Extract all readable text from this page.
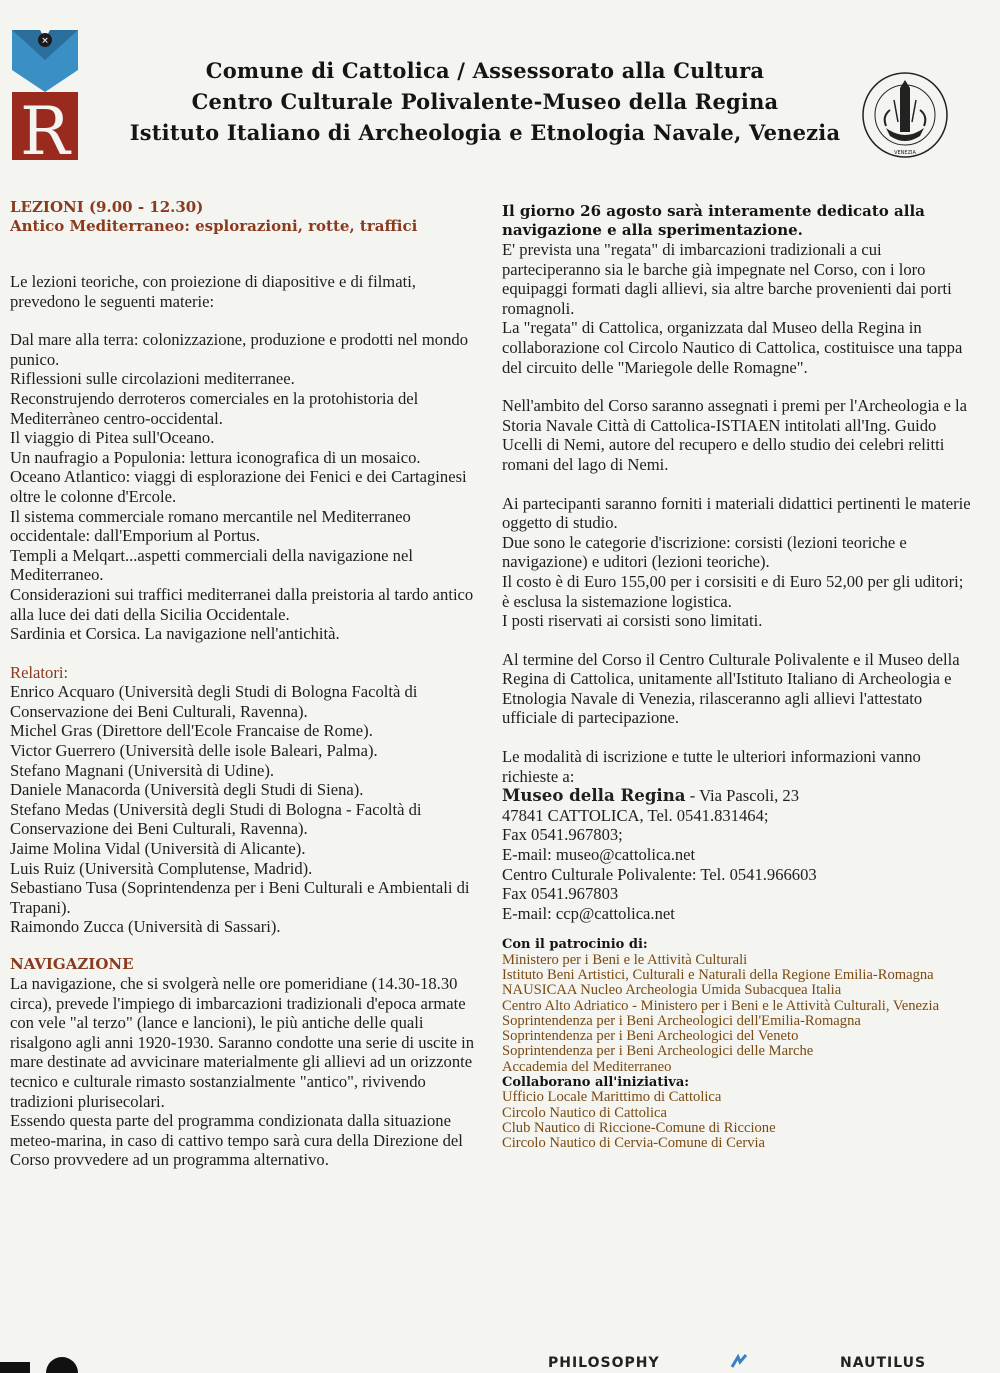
✕
R
Comune di Cattolica / Assessorato alla Cultura
Centro Culturale Polivalente-Museo della Regina
Istituto Italiano di Archeologia e Etnologia Navale, Venezia
VENEZIA
LEZIONI (9.00 - 12.30)
Antico Mediterraneo: esplorazioni, rotte, traffici

Le lezioni teoriche, con proiezione di diapositive e di filmati, prevedono le seguenti materie:

Dal mare alla terra: colonizzazione, produzione e prodotti nel mondo punico.
Riflessioni sulle circolazioni mediterranee.
Reconstrujendo derroteros comerciales en la protohistoria del Mediterràneo centro-occidental.
Il viaggio di Pitea sull'Oceano.
Un naufragio a Populonia: lettura iconografica di un mosaico.
Oceano Atlantico: viaggi di esplorazione dei Fenici e dei Cartaginesi oltre le colonne d'Ercole.
Il sistema commerciale romano mercantile nel Mediterraneo occidentale: dall'Emporium al Portus.
Templi a Melqart...aspetti commerciali della navigazione nel Mediterraneo.
Considerazioni sui traffici mediterranei dalla preistoria al tardo antico alla luce dei dati della Sicilia Occidentale.
Sardinia et Corsica. La navigazione nell'antichità.
Relatori:
Enrico Acquaro (Università degli Studi di Bologna Facoltà di Conservazione dei Beni Culturali, Ravenna).
Michel Gras (Direttore dell'Ecole Francaise de Rome).
Victor Guerrero (Università delle isole Baleari, Palma).
Stefano Magnani (Università di Udine).
Daniele Manacorda (Università degli Studi di Siena).
Stefano Medas (Università degli Studi di Bologna - Facoltà di Conservazione dei Beni Culturali, Ravenna).
Jaime Molina Vidal (Università di Alicante).
Luis Ruiz (Università Complutense, Madrid).
Sebastiano Tusa (Soprintendenza per i Beni Culturali e Ambientali di Trapani).
Raimondo Zucca (Università di Sassari).
NAVIGAZIONE

La navigazione, che si svolgerà nelle ore pomeridiane (14.30-18.30 circa), prevede l'impiego di imbarcazioni tradizionali d'epoca armate con vele "al terzo" (lance e lancioni), le più antiche delle quali risalgono agli anni 1920-1930. Saranno condotte una serie di uscite in mare destinate ad avvicinare materialmente gli allievi ad un orizzonte tecnico e culturale rimasto sostanzialmente "antico", rivivendo tradizioni plurisecolari.

Essendo questa parte del programma condizionata dalla situazione meteo-marina, in caso di cattivo tempo sarà cura della Direzione del Corso provvedere ad un programma alternativo.

Il giorno 26 agosto sarà interamente dedicato alla navigazione e alla sperimentazione.

E' prevista una "regata" di imbarcazioni tradizionali a cui parteciperanno sia le barche già impegnate nel Corso, con i loro equipaggi formati dagli allievi, sia altre barche provenienti dai porti romagnoli.

La "regata" di Cattolica, organizzata dal Museo della Regina in collaborazione col Circolo Nautico di Cattolica, costituisce una tappa del circuito delle "Mariegole delle Romagne".

Nell'ambito del Corso saranno assegnati i premi per l'Archeologia e la Storia Navale Città di Cattolica-ISTIAEN intitolati all'Ing. Guido Ucelli di Nemi, autore del recupero e dello studio dei celebri relitti romani del lago di Nemi.

Ai partecipanti saranno forniti i materiali didattici pertinenti le materie oggetto di studio.

Due sono le categorie d'iscrizione: corsisti (lezioni teoriche e navigazione) e uditori (lezioni teoriche).

Il costo è di Euro 155,00 per i corsisiti e di Euro 52,00 per gli uditori; è esclusa la sistemazione logistica.

I posti riservati ai corsisti sono limitati.

Al termine del Corso il Centro Culturale Polivalente e il Museo della Regina di Cattolica, unitamente all'Istituto Italiano di Archeologia e Etnologia Navale di Venezia, rilasceranno agli allievi l'attestato ufficiale di partecipazione.

Le modalità di iscrizione e tutte le ulteriori informazioni vanno richieste a:

Museo della Regina - Via Pascoli, 23

47841 CATTOLICA, Tel. 0541.831464;

Fax 0541.967803;

E-mail: museo@cattolica.net

Centro Culturale Polivalente: Tel. 0541.966603

Fax 0541.967803

E-mail: ccp@cattolica.net

Con il patrocinio di:
Ministero per i Beni e le Attività Culturali
Istituto Beni Artistici, Culturali e Naturali della Regione Emilia-Romagna
NAUSICAA Nucleo Archeologia Umida Subacquea Italia
Centro Alto Adriatico - Ministero per i Beni e le Attività Culturali, Venezia
Soprintendenza per i Beni Archeologici dell'Emilia-Romagna
Soprintendenza per i Beni Archeologici del Veneto
Soprintendenza per i Beni Archeologici delle Marche
Accademia del Mediterraneo
Collaborano all'iniziativa:
Ufficio Locale Marittimo di Cattolica
Circolo Nautico di Cattolica
Club Nautico di Riccione-Comune di Riccione
Circolo Nautico di Cervia-Comune di Cervia
PHILOSOPHY	NAUTILUS
